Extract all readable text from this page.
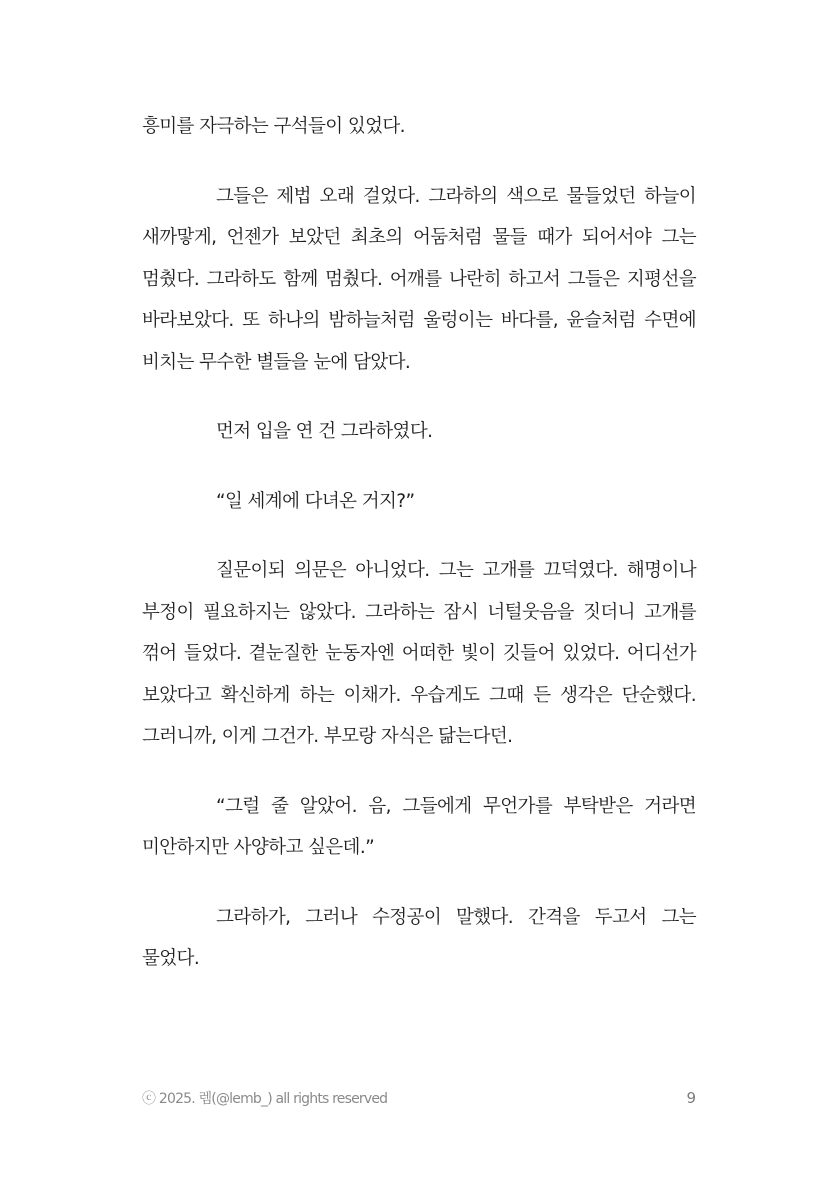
흥미를 자극하는 구석들이 있었다.

그들은 제법 오래 걸었다. 그라하의 색으로 물들었던 하늘이 새까맣게, 언젠가 보았던 최초의 어둠처럼 물들 때가 되어서야 그는 멈췄다. 그라하도 함께 멈췄다. 어깨를 나란히 하고서 그들은 지평선을 바라보았다. 또 하나의 밤하늘처럼 울렁이는 바다를, 윤슬처럼 수면에 비치는 무수한 별들을 눈에 담았다.

먼저 입을 연 건 그라하였다.

“일 세계에 다녀온 거지?”

질문이되 의문은 아니었다. 그는 고개를 끄덕였다. 해명이나 부정이 필요하지는 않았다. 그라하는 잠시 너털웃음을 짓더니 고개를 꺾어 들었다. 곁눈질한 눈동자엔 어떠한 빛이 깃들어 있었다. 어디선가 보았다고 확신하게 하는 이채가. 우습게도 그때 든 생각은 단순했다. 그러니까, 이게 그건가. 부모랑 자식은 닮는다던.

“그럴 줄 알았어. 음, 그들에게 무언가를 부탁받은 거라면 미안하지만 사양하고 싶은데.”

그라하가, 그러나 수정공이 말했다. 간격을 두고서 그는 물었다.

ⓒ 2025. 렘(@lemb_) all rights reserved	9
